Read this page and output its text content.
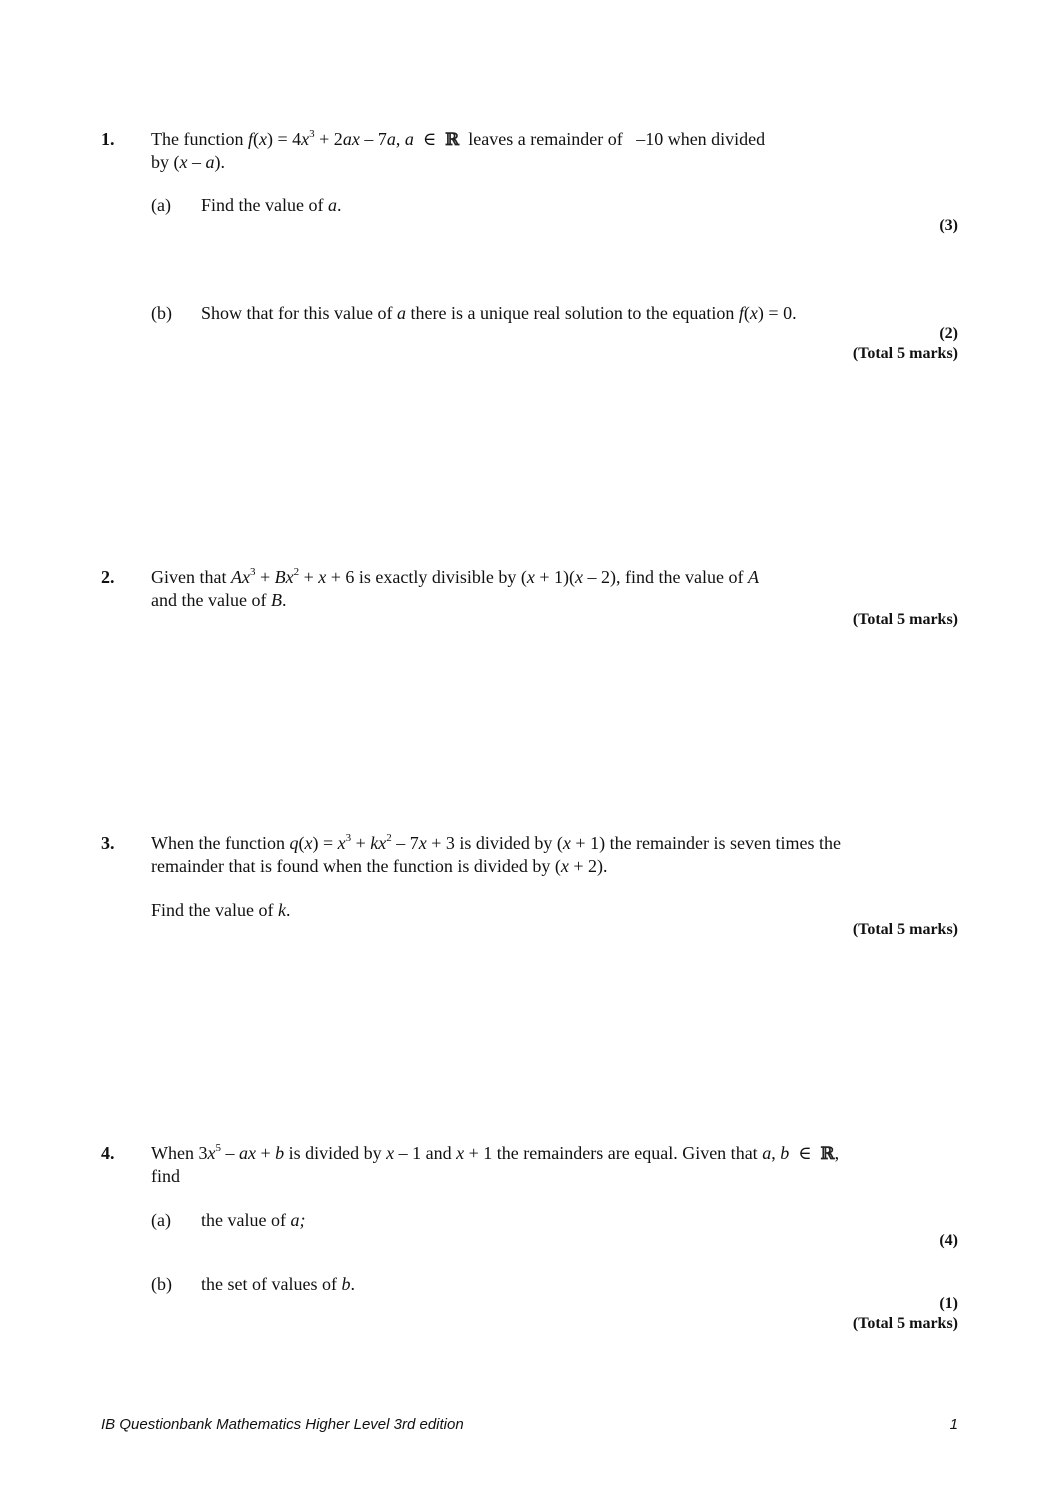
1. The function $f(x) = 4x^3 + 2ax - 7a$, a  ∈  ℝ  leaves a remainder of   –10 when divided
by (x – a).
(a) Find the value of a.
(3)
(b) Show that for this value of a there is a unique real solution to the equation f(x) = 0.
(2)
(Total 5 marks)
2. Given that $Ax^3 + Bx^2 + x + 6$ is exactly divisible by (x + 1)(x – 2), find the value of A
and the value of B.
(Total 5 marks)
3. When the function $q(x) = x^3 + kx^2 - 7x + 3$ is divided by (x + 1) the remainder is seven times the
remainder that is found when the function is divided by (x + 2).
Find the value of k.
(Total 5 marks)
4. When $3x^5$ – ax + b is divided by x – 1 and x + 1 the remainders are equal. Given that a, b  ∈  ℝ,
find
(a) the value of a;
(4)
(b) the set of values of b.
(1)
(Total 5 marks)
IB Questionbank Mathematics Higher Level 3rd edition	1
